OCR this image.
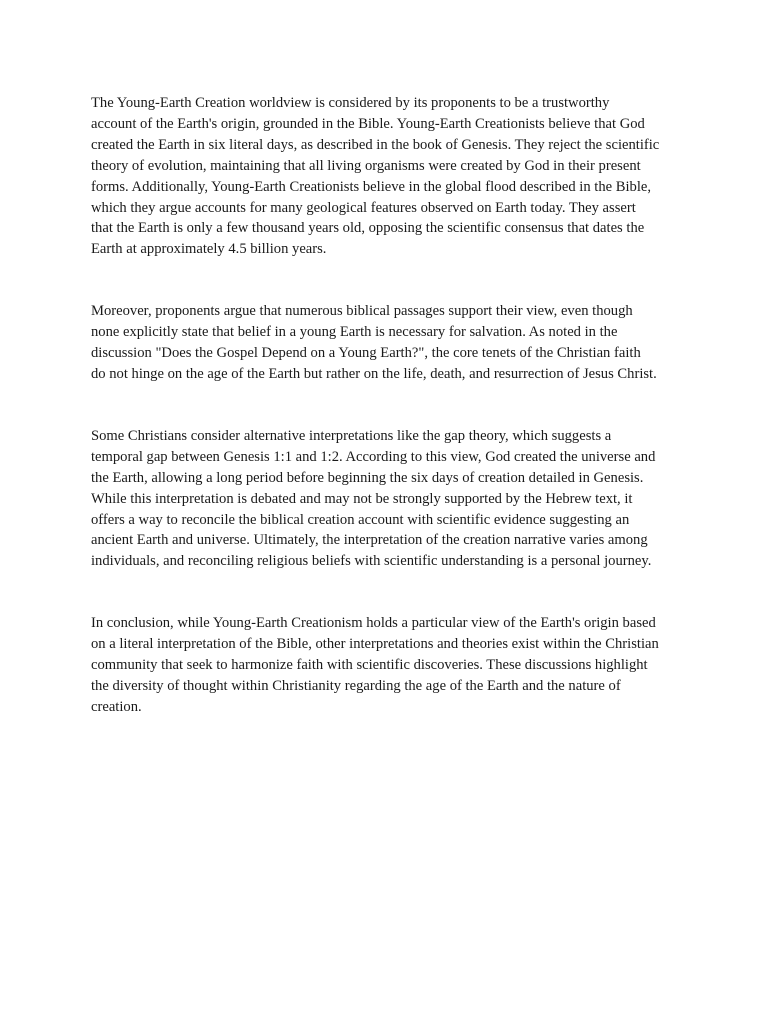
The Young-Earth Creation worldview is considered by its proponents to be a trustworthy
account of the Earth's origin, grounded in the Bible. Young-Earth Creationists believe that God
created the Earth in six literal days, as described in the book of Genesis. They reject the scientific
theory of evolution, maintaining that all living organisms were created by God in their present
forms. Additionally, Young-Earth Creationists believe in the global flood described in the Bible,
which they argue accounts for many geological features observed on Earth today. They assert
that the Earth is only a few thousand years old, opposing the scientific consensus that dates the
Earth at approximately 4.5 billion years.

Moreover, proponents argue that numerous biblical passages support their view, even though
none explicitly state that belief in a young Earth is necessary for salvation. As noted in the
discussion "Does the Gospel Depend on a Young Earth?", the core tenets of the Christian faith
do not hinge on the age of the Earth but rather on the life, death, and resurrection of Jesus Christ.

Some Christians consider alternative interpretations like the gap theory, which suggests a
temporal gap between Genesis 1:1 and 1:2. According to this view, God created the universe and
the Earth, allowing a long period before beginning the six days of creation detailed in Genesis.
While this interpretation is debated and may not be strongly supported by the Hebrew text, it
offers a way to reconcile the biblical creation account with scientific evidence suggesting an
ancient Earth and universe. Ultimately, the interpretation of the creation narrative varies among
individuals, and reconciling religious beliefs with scientific understanding is a personal journey.

In conclusion, while Young-Earth Creationism holds a particular view of the Earth's origin based
on a literal interpretation of the Bible, other interpretations and theories exist within the Christian
community that seek to harmonize faith with scientific discoveries. These discussions highlight
the diversity of thought within Christianity regarding the age of the Earth and the nature of
creation.
